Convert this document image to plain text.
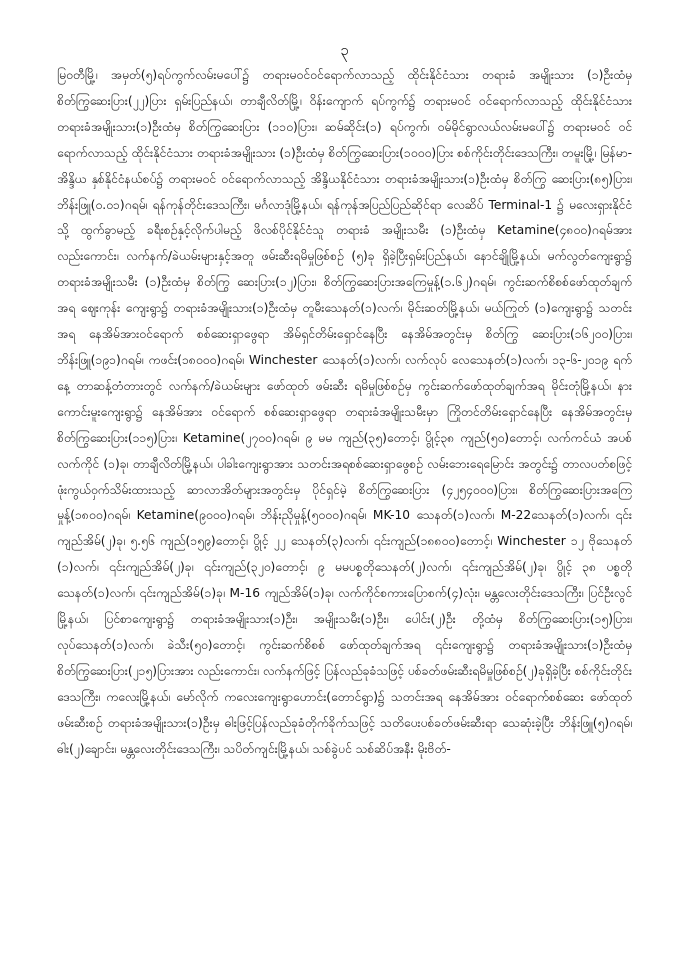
၃

မြဝတီမြို့၊ အမှတ်(၅)ရပ်ကွက်လမ်းမပေါ်၌ တရားမဝင်ဝင်ရောက်လာသည့် ထိုင်းနိုင်ငံသား တရားခံ အမျိုးသား (၁)ဦးထံမှ စိတ်ကြွဆေးပြား(၂၂)ပြား ရှမ်းပြည်နယ်၊ တာချီလိတ်မြို့၊ ဝိန်းကျောက် ရပ်ကွက်၌ တရားမဝင် ဝင်ရောက်လာသည့် ထိုင်းနိုင်ငံသား တရားခံအမျိုးသား(၁)ဦးထံမှ စိတ်ကြွဆေးပြား (၁၁၀)ပြား၊ ဆမ်ဆိုင်း(၁) ရပ်ကွက်၊ ဝမ်မိုင်ရွာလယ်လမ်းမပေါ်၌ တရားမဝင် ဝင်ရောက်လာသည့် ထိုင်းနိုင်ငံသား တရားခံအမျိုးသား (၁)ဦးထံမှ စိတ်ကြွဆေးပြား(၁၀၀၀)ပြား စစ်ကိုင်းတိုင်းဒေသကြီး၊ တမူးမြို့၊ မြန်မာ-အိန္ဒိယ နှစ်နိုင်ငံနယ်စပ်၌ တရားမဝင် ဝင်ရောက်လာသည့် အိန္ဒိယနိုင်ငံသား တရားခံအမျိုးသား(၁)ဦးထံမှ စိတ်ကြွ ဆေးပြား(၈၅)ပြား၊ ဘိန်းဖြူ(၀.၀၁)ဂရမ်၊ ရန်ကုန်တိုင်းဒေသကြီး၊ မင်္ဂလာဒုံမြို့နယ်၊ ရန်ကုန်အပြည်ပြည်ဆိုင်ရာ လေဆိပ် Terminal-1 ၌ မလေးရှားနိုင်ငံသို့ ထွက်ခွာမည့် ခရီးစဉ်နှင့်လိုက်ပါမည့် ဖိလစ်ပိုင်နိုင်ငံသူ တရားခံ အမျိုးသမီး (၁)ဦးထံမှ Ketamine(၄၈၀၀)ဂရမ်အားလည်းကောင်း၊ လက်နက်/ခဲယမ်းများနှင့်အတူ ဖမ်းဆီးရမိမှုဖြစ်စဉ် (၅)ခု ရှိခဲ့ပြီးရှမ်းပြည်နယ်၊ နောင်ချိုမြို့နယ်၊ မက်လွတ်ကျေးရွာ၌ တရားခံအမျိုးသမီး (၁)ဦးထံမှ စိတ်ကြွ ဆေးပြား(၁၂)ပြား၊ စိတ်ကြွဆေးပြားအကြေမှုန့်(၁.၆၂)ဂရမ်၊ ကွင်းဆက်စိစစ်ဖော်ထုတ်ချက်အရ ဈေးကုန်း ကျေးရွာ၌ တရားခံအမျိုးသား(၁)ဦးထံမှ တူမီးသေနတ်(၁)လက်၊ မိုင်းဆတ်မြို့နယ်၊ မယ်ကြုတ် (၁)ကျေးရွာ၌ သတင်းအရ နေအိမ်အားဝင်ရောက် စစ်ဆေးရှာဖွေရာ အိမ်ရှင်တိမ်းရှောင်နေပြီး နေအိမ်အတွင်းမှ စိတ်ကြွ ဆေးပြား(၁၆၂၀၀)ပြား၊ ဘိန်းဖြူ(၁၉၁)ဂရမ်၊ ကဖင်း(၁၈၀၀၀)ဂရမ်၊ Winchester သေနတ်(၁)လက်၊ လက်လုပ် လေသေနတ်(၁)လက်၊ ၁၃-၆-၂၀၁၉ ရက်နေ့ တာဆန့်တံတားတွင် လက်နက်/ခဲယမ်းများ ဖော်ထုတ် ဖမ်းဆီး ရမိမှုဖြစ်စဉ်မှ ကွင်းဆက်ဖော်ထုတ်ချက်အရ မိုင်းတုံမြို့နယ်၊ နားကောင်းမူးကျေးရွာ၌ နေအိမ်အား ဝင်ရောက် စစ်ဆေးရှာဖွေရာ တရားခံအမျိုးသမီးမှာ ကြိုတင်တိမ်းရှောင်နေပြီး နေအိမ်အတွင်းမှ စိတ်ကြွဆေးပြား(၁၁၅)ပြား၊ Ketamine(၂၇၀၀)ဂရမ်၊ ၉ မမ ကျည်(၃၅)တောင့်၊ ပွိုင့်၃၈ ကျည်(၅၀)တောင့်၊ လက်ကင်ယံ အပစ်လက်ကိုင် (၁)ခု၊ တာချီလိတ်မြို့နယ်၊ ပါခါးကျေးရွာအား သတင်းအရစစ်ဆေးရှာဖွေစဉ် လမ်းဘေးရေမြောင်း အတွင်း၌ တာလပတ်စဖြင့် ဖုံးကွယ်ဝှက်သိမ်းထားသည့် ဆာလာအိတ်များအတွင်းမှ ပိုင်ရှင်မဲ့ စိတ်ကြွဆေးပြား (၄၂၅၄၀၀၀)ပြား၊ စိတ်ကြွဆေးပြားအကြေမှုန့်(၁၈၀၀)ဂရမ်၊ Ketamine(၉၀၀၀)ဂရမ်၊ ဘိန်းညိုမှုန့်(၅၀၀၀)ဂရမ်၊ MK-10 သေနတ်(၁)လက်၊ M-22သေနတ်(၁)လက်၊ ၎င်းကျည်အိမ်(၂)ခု၊ ၅.၅၆ ကျည်(၁၅၉)တောင့်၊ ပွိုင့် ၂၂ သေနတ်(၃)လက်၊ ၎င်းကျည်(၁၈၈၀၀)တောင့်၊ Winchester ၁၂ ဗိုသေနတ် (၁)လက်၊ ၎င်းကျည်အိမ်(၂)ခု၊ ၎င်းကျည်(၃၂၀)တောင့်၊ ၉ မမပစ္စတိုသေနတ်(၂)လက်၊ ၎င်းကျည်အိမ်(၂)ခု၊ ပွိုင့် ၃၈ ပစ္စတိုသေနတ်(၁)လက်၊ ၎င်းကျည်အိမ်(၁)ခု၊ M-16 ကျည်အိမ်(၁)ခု၊ လက်ကိုင်စကားပြောစက်(၄)လုံး၊ မန္တလေးတိုင်းဒေသကြီး၊ ပြင်ဦးလွင်မြို့နယ်၊ ပြင်စာကျေးရွာ၌ တရားခံအမျိုးသား(၁)ဦး၊ အမျိုးသမီး(၁)ဦး၊ ပေါင်း(၂)ဦး တို့ထံမှ စိတ်ကြွဆေးပြား(၁၅)ပြား၊ လုပ်သေနတ်(၁)လက်၊ ခဲသီး(၅၀)တောင့်၊ ကွင်းဆက်စိစစ် ဖော်ထုတ်ချက်အရ ၎င်းကျေးရွာ၌ တရားခံအမျိုးသား(၁)ဦးထံမှ စိတ်ကြွဆေးပြား(၂၁၅)ပြားအား လည်းကောင်း၊ လက်နက်ဖြင့် ပြန်လည်ခုခံသဖြင့် ပစ်ခတ်ဖမ်းဆီးရမိမှုဖြစ်စဉ်(၂)ခုရှိခဲ့ပြီး စစ်ကိုင်းတိုင်းဒေသကြီး၊ ကလေးမြို့နယ်၊ မော်လိုက် ကလေးကျေးရွာဟောင်း(တောင်ရွာ)၌ သတင်းအရ နေအိမ်အား ဝင်ရောက်စစ်ဆေး ဖော်ထုတ်ဖမ်းဆီးစဉ် တရားခံအမျိုးသား(၁)ဦးမှ ဓါးဖြင့်ပြန်လည်ခုခံတိုက်ခိုက်သဖြင့် သတိပေးပစ်ခတ်ဖမ်းဆီးရာ သေဆုံးခဲ့ပြီး ဘိန်းဖြူ(၅)ဂရမ်၊ ဓါး(၂)ချောင်း၊ မန္တလေးတိုင်းဒေသကြီး၊ သပိတ်ကျင်းမြို့နယ်၊ သစ်ခွဲပင် သစ်ဆိပ်အနီး မိုးဗိတ်-
